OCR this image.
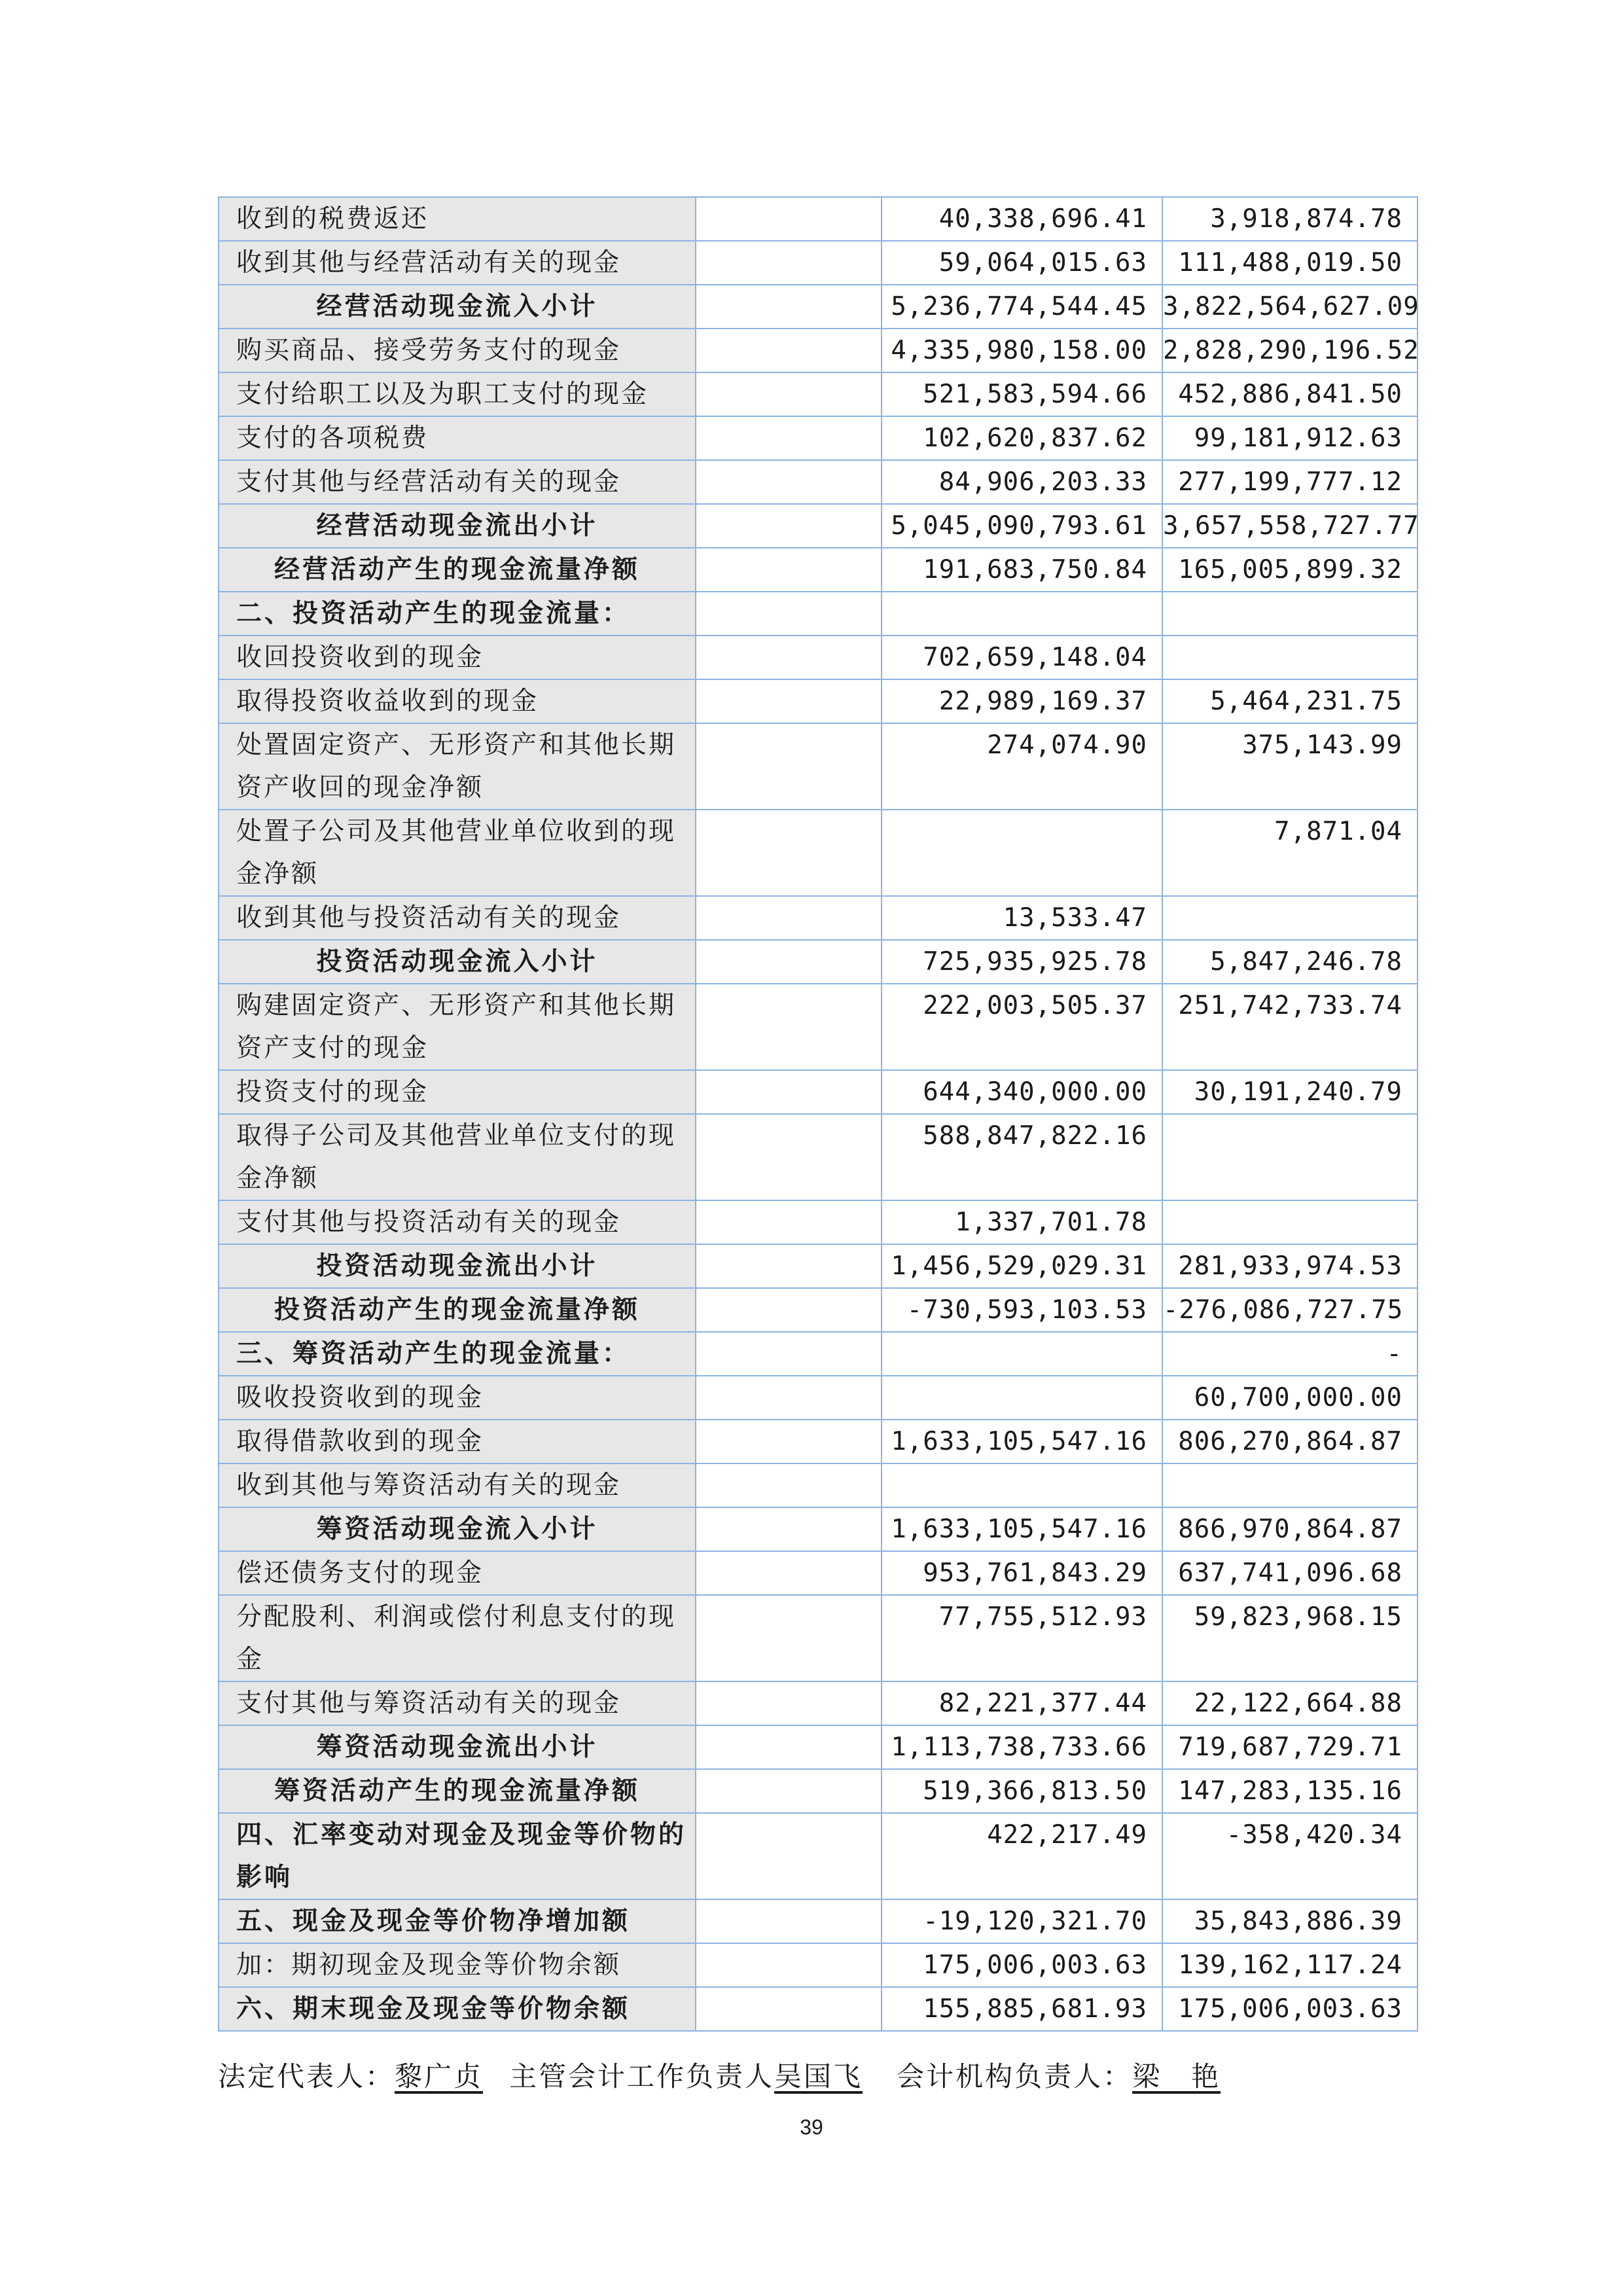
收到的税费返还		40,338,696.41	3,918,874.78
收到其他与经营活动有关的现金		59,064,015.63	111,488,019.50
经营活动现金流入小计		5,236,774,544.45	3,822,564,627.09
购买商品、接受劳务支付的现金		4,335,980,158.00	2,828,290,196.52
支付给职工以及为职工支付的现金		521,583,594.66	452,886,841.50
支付的各项税费		102,620,837.62	99,181,912.63
支付其他与经营活动有关的现金		84,906,203.33	277,199,777.12
经营活动现金流出小计		5,045,090,793.61	3,657,558,727.77
经营活动产生的现金流量净额		191,683,750.84	165,005,899.32
二、投资活动产生的现金流量：			
收回投资收到的现金		702,659,148.04	
取得投资收益收到的现金		22,989,169.37	5,464,231.75
处置固定资产、无形资产和其他长期资产收回的现金净额		274,074.90	375,143.99
处置子公司及其他营业单位收到的现金净额			7,871.04
收到其他与投资活动有关的现金		13,533.47	
投资活动现金流入小计		725,935,925.78	5,847,246.78
购建固定资产、无形资产和其他长期资产支付的现金		222,003,505.37	251,742,733.74
投资支付的现金		644,340,000.00	30,191,240.79
取得子公司及其他营业单位支付的现金净额		588,847,822.16	
支付其他与投资活动有关的现金		1,337,701.78	
投资活动现金流出小计		1,456,529,029.31	281,933,974.53
投资活动产生的现金流量净额		-730,593,103.53	-276,086,727.75
三、筹资活动产生的现金流量：			-
吸收投资收到的现金			60,700,000.00
取得借款收到的现金		1,633,105,547.16	806,270,864.87
收到其他与筹资活动有关的现金			
筹资活动现金流入小计		1,633,105,547.16	866,970,864.87
偿还债务支付的现金		953,761,843.29	637,741,096.68
分配股利、利润或偿付利息支付的现金		77,755,512.93	59,823,968.15
支付其他与筹资活动有关的现金		82,221,377.44	22,122,664.88
筹资活动现金流出小计		1,113,738,733.66	719,687,729.71
筹资活动产生的现金流量净额		519,366,813.50	147,283,135.16
四、汇率变动对现金及现金等价物的影响		422,217.49	-358,420.34
五、现金及现金等价物净增加额		-19,120,321.70	35,843,886.39
加：期初现金及现金等价物余额		175,006,003.63	139,162,117.24
六、期末现金及现金等价物余额		155,885,681.93	175,006,003.63
法定代表人：黎广贞 主管会计工作负责人吴国飞 会计机构负责人：梁　艳
39
